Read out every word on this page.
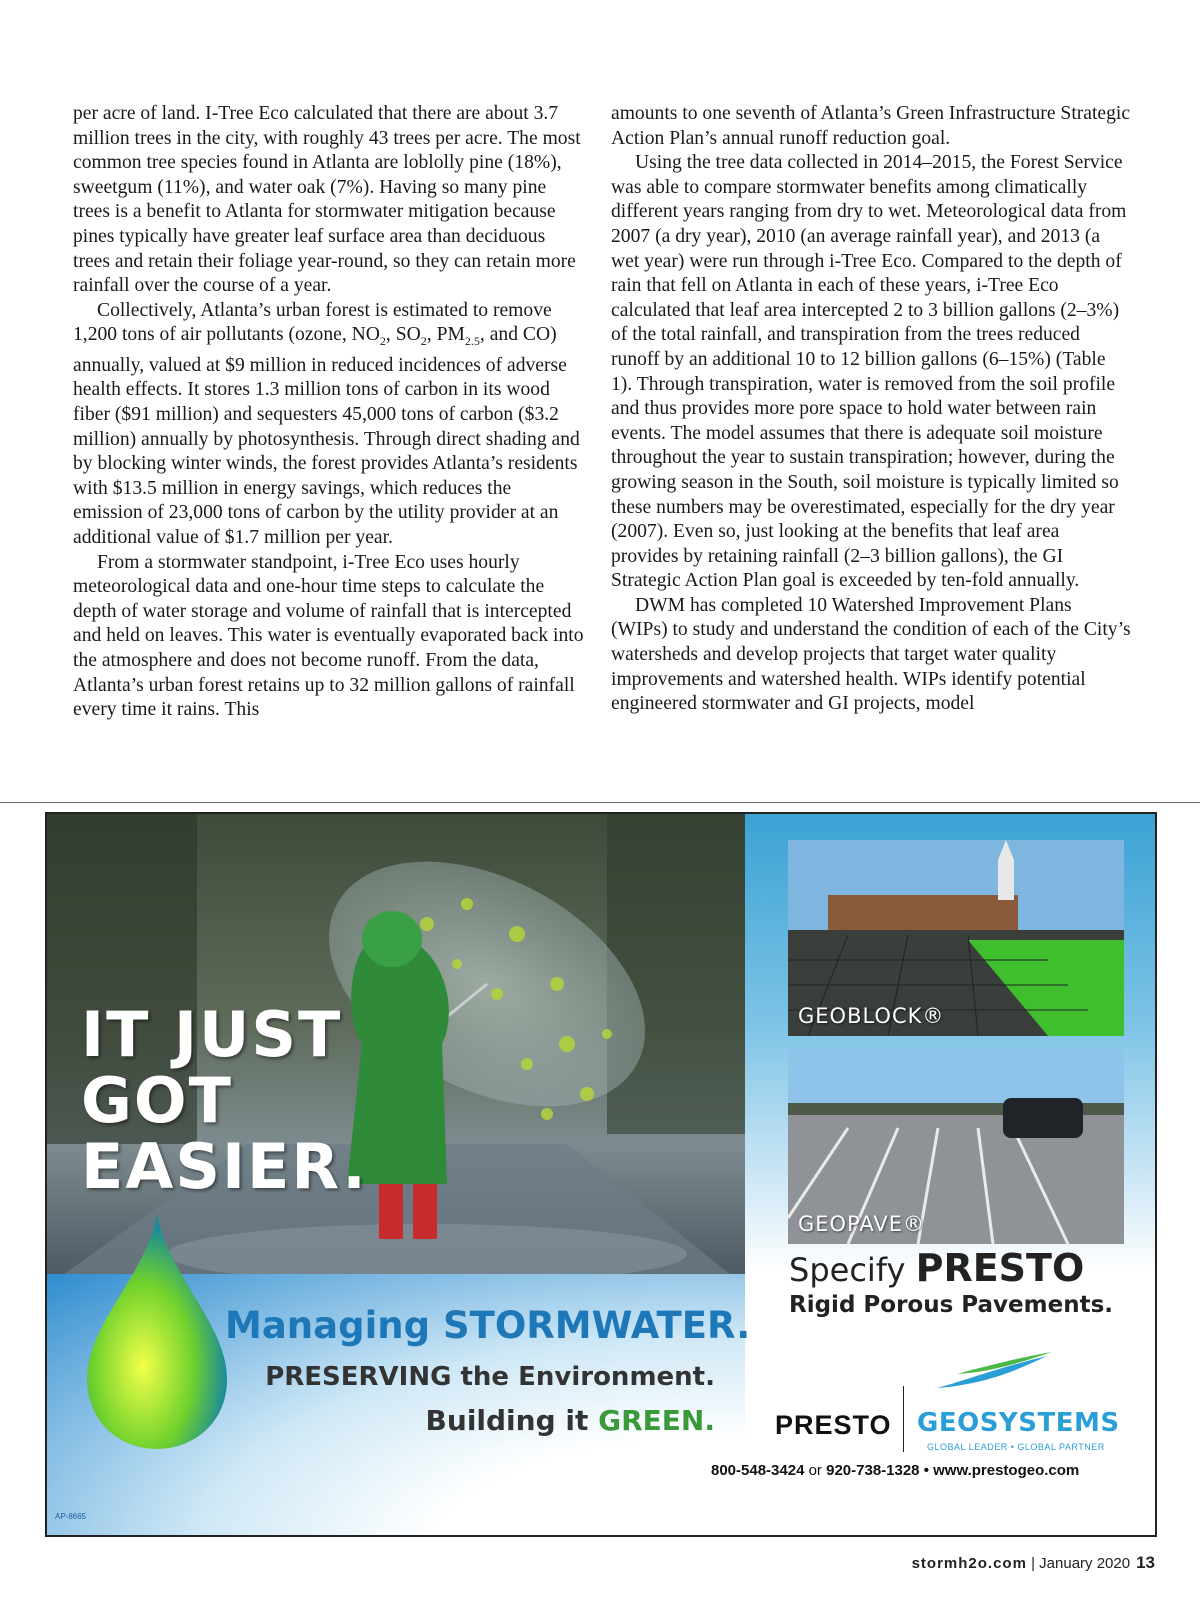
per acre of land. I-Tree Eco calculated that there are about 3.7 million trees in the city, with roughly 43 trees per acre. The most common tree species found in Atlanta are loblolly pine (18%), sweetgum (11%), and water oak (7%). Having so many pine trees is a benefit to Atlanta for stormwater mitigation because pines typically have greater leaf surface area than deciduous trees and retain their foliage year-round, so they can retain more rainfall over the course of a year.

Collectively, Atlanta’s urban forest is estimated to remove 1,200 tons of air pollutants (ozone, $NO_2$, $SO_2$, $PM_{2.5}$, and CO) annually, valued at $9 million in reduced incidences of adverse health effects. It stores 1.3 million tons of carbon in its wood fiber ($91 million) and sequesters 45,000 tons of carbon ($3.2 million) annually by photosynthesis. Through direct shading and by blocking winter winds, the forest provides Atlanta’s residents with $13.5 million in energy savings, which reduces the emission of 23,000 tons of carbon by the utility provider at an additional value of $1.7 million per year.

From a stormwater standpoint, i-Tree Eco uses hourly meteorological data and one-hour time steps to calculate the depth of water storage and volume of rainfall that is intercepted and held on leaves. This water is eventually evaporated back into the atmosphere and does not become runoff. From the data, Atlanta’s urban forest retains up to 32 million gallons of rainfall every time it rains. This

amounts to one seventh of Atlanta’s Green Infrastructure Strategic Action Plan’s annual runoff reduction goal.

Using the tree data collected in 2014–2015, the Forest Service was able to compare stormwater benefits among climatically different years ranging from dry to wet. Meteorological data from 2007 (a dry year), 2010 (an average rainfall year), and 2013 (a wet year) were run through i-Tree Eco. Compared to the depth of rain that fell on Atlanta in each of these years, i-Tree Eco calculated that leaf area intercepted 2 to 3 billion gallons (2–3%) of the total rainfall, and transpiration from the trees reduced runoff by an additional 10 to 12 billion gallons (6–15%) (Table 1). Through transpiration, water is removed from the soil profile and thus provides more pore space to hold water between rain events. The model assumes that there is adequate soil moisture throughout the year to sustain transpiration; however, during the growing season in the South, soil moisture is typically limited so these numbers may be overestimated, especially for the dry year (2007). Even so, just looking at the benefits that leaf area provides by retaining rainfall (2–3 billion gallons), the GI Strategic Action Plan goal is exceeded by ten-fold annually.

DWM has completed 10 Watershed Improvement Plans (WIPs) to study and understand the condition of each of the City’s watersheds and develop projects that target water quality improvements and watershed health. WIPs identify potential engineered stormwater and GI projects, model

IT JUST
GOT
EASIER.
GEOBLOCK®
GEOPAVE®
Specify PRESTO
Rigid Porous Pavements.
Managing STORMWATER.
PRESERVING the Environment.
Building it GREEN. PRESTO GEOSYSTEMS
GLOBAL LEADER • GLOBAL PARTNER
800-548-3424 or 920-738-1328 • www.prestogeo.com
AP-8665
stormh2o.com | January 2020 13
